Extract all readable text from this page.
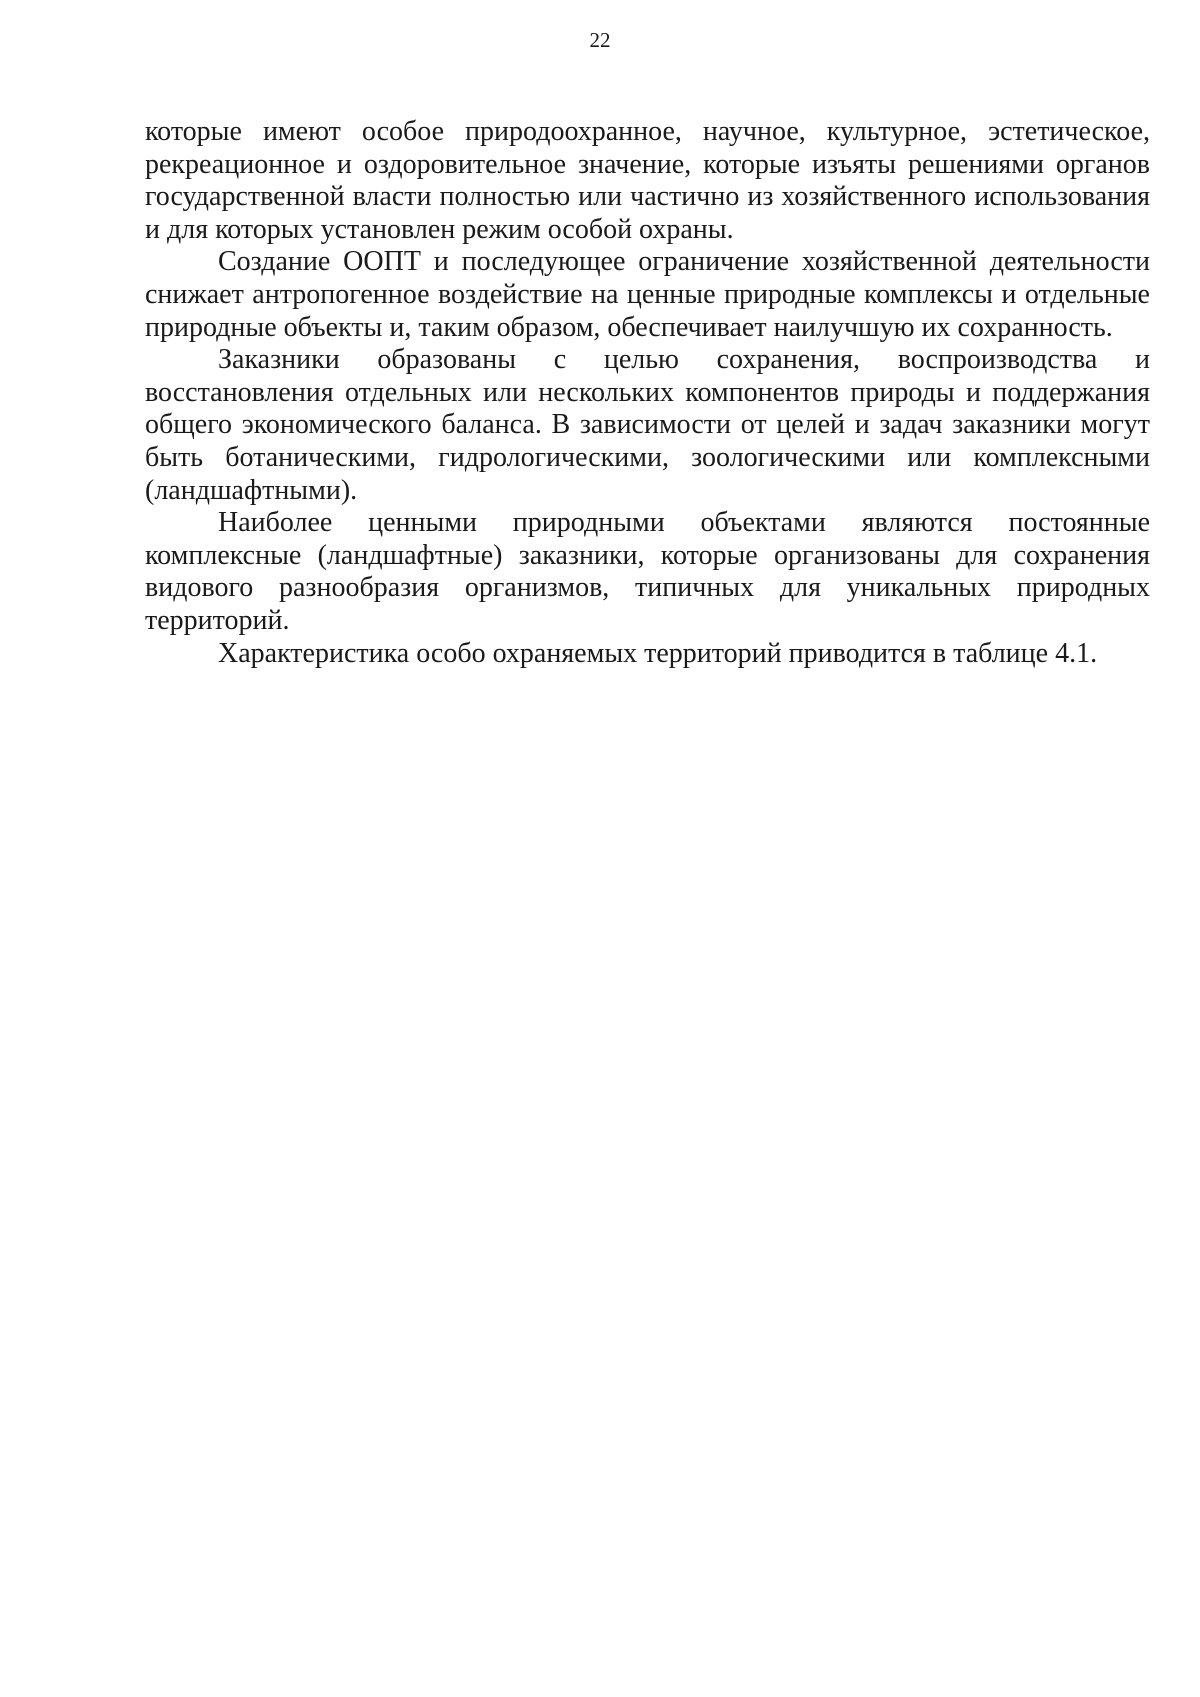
22

которые имеют особое природоохранное, научное, культурное, эстетическое, рекреационное и оздоровительное значение, которые изъяты решениями органов государственной власти полностью или частично из хозяйственного использования и для которых установлен режим особой охраны.

Создание ООПТ и последующее ограничение хозяйственной деятельности снижает антропогенное воздействие на ценные природные комплексы и отдельные природные объекты и, таким образом, обеспечивает наилучшую их сохранность.

Заказники образованы с целью сохранения, воспроизводства и восстановления отдельных или нескольких компонентов природы и поддержания общего экономического баланса. В зависимости от целей и задач заказники могут быть ботаническими, гидрологическими, зоологическими или комплексными (ландшафтными).

Наиболее ценными природными объектами являются постоянные комплексные (ландшафтные) заказники, которые организованы для сохранения видового разнообразия организмов, типичных для уникальных природных территорий.

Характеристика особо охраняемых территорий приводится в таблице 4.1.
